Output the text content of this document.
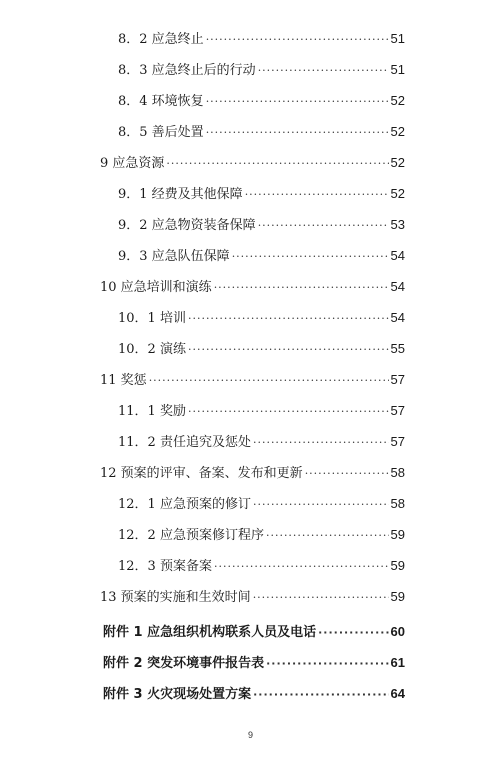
8．2 应急终止 ·····	51
8．3 应急终止后的行动 ·····	51
8．4 环境恢复 ·····	52
8．5 善后处置 ·····	52
9 应急资源 ·····	52
9．1 经费及其他保障 ·····	52
9．2 应急物资装备保障 ·····	53
9．3 应急队伍保障 ·····	54
10 应急培训和演练 ·····	54
10．1 培训 ·····	54
10．2 演练 ·····	55
11 奖惩 ·····	57
11．1 奖励 ·····	57
11．2 责任追究及惩处 ·····	57
12 预案的评审、备案、发布和更新 ·····	58
12．1 应急预案的修订 ·····	58
12．2 应急预案修订程序 ·····	59
12．3 预案备案 ·····	59
13 预案的实施和生效时间 ·····	59
附件 1 应急组织机构联系人员及电话 ·····	60
附件 2 突发环境事件报告表 ·····	61
附件 3 火灾现场处置方案 ·····	64
9
